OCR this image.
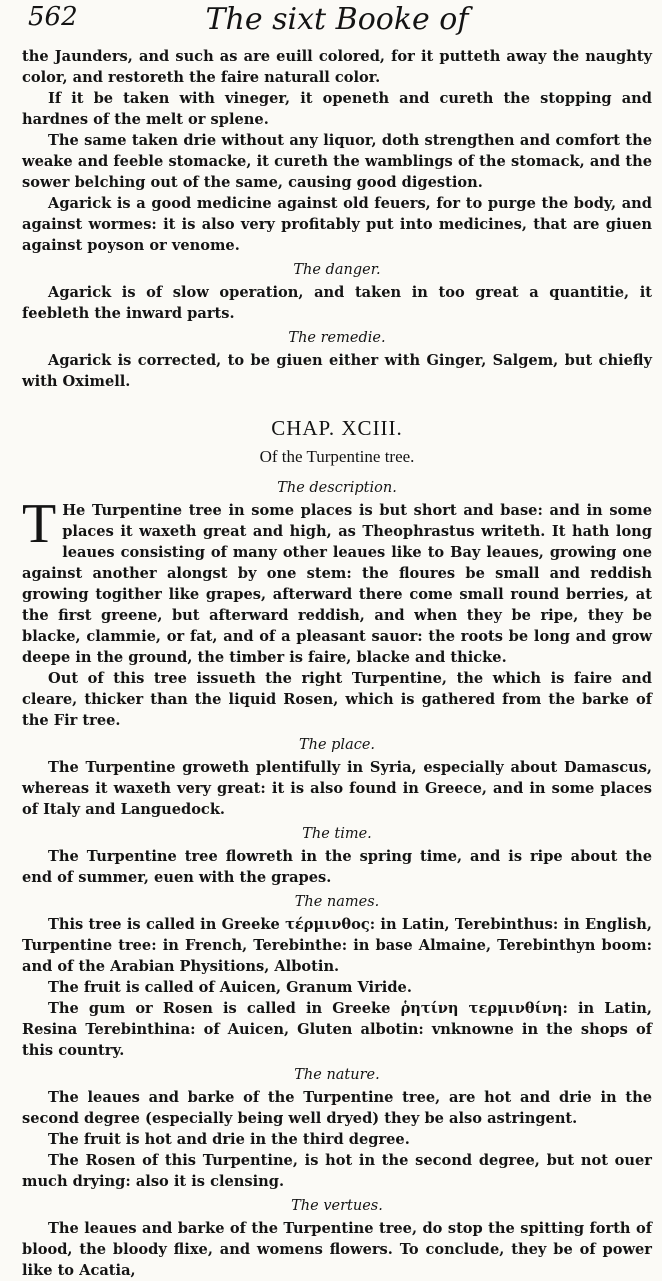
562	The sixt Booke of

the Jaunders, and such as are euill colored, for it putteth away the naughty color, and restoreth the faire naturall color.

If it be taken with vineger, it openeth and cureth the stopping and hardnes of the melt or splene.

The same taken drie without any liquor, doth strengthen and comfort the weake and feeble stomacke, it cureth the wamblings of the stomack, and the sower belching out of the same, causing good digestion.

Agarick is a good medicine against old feuers, for to purge the body, and against wormes: it is also very profitably put into medicines, that are giuen against poyson or venome.

The danger.

Agarick is of slow operation, and taken in too great a quantitie, it feebleth the inward parts.

The remedie.

Agarick is corrected, to be giuen either with Ginger, Salgem, but chiefly with Oximell.

CHAP. XCIII.
Of the Turpentine tree.
The description.

T He Turpentine tree in some places is but short and base: and in some places it waxeth great and high, as Theophrastus writeth. It hath long leaues consisting of many other leaues like to Bay leaues, growing one against another alongst by one stem: the floures be small and reddish growing togither like grapes, afterward there come small round berries, at the first greene, but afterward reddish, and when they be ripe, they be blacke, clammie, or fat, and of a pleasant sauor: the roots be long and grow deepe in the ground, the timber is faire, blacke and thicke.

Out of this tree issueth the right Turpentine, the which is faire and cleare, thicker than the liquid Rosen, which is gathered from the barke of the Fir tree.

The place.

The Turpentine groweth plentifully in Syria, especially about Damascus, whereas it waxeth very great: it is also found in Greece, and in some places of Italy and Languedock.

The time.

The Turpentine tree flowreth in the spring time, and is ripe about the end of summer, euen with the grapes.

The names.

This tree is called in Greeke τέρμινθος: in Latin, Terebinthus: in English, Turpentine tree: in French, Terebinthe: in base Almaine, Terebinthyn boom: and of the Arabian Physitions, Albotin.

The fruit is called of Auicen, Granum Viride.

The gum or Rosen is called in Greeke ῥητίνη τερμινθίνη: in Latin, Resina Terebinthina: of Auicen, Gluten albotin: vnknowne in the shops of this country.

The nature.

The leaues and barke of the Turpentine tree, are hot and drie in the second degree (especially being well dryed) they be also astringent.

The fruit is hot and drie in the third degree.

The Rosen of this Turpentine, is hot in the second degree, but not ouer much drying: also it is clensing.

The vertues.

The leaues and barke of the Turpentine tree, do stop the spitting forth of blood, the bloody flixe, and womens flowers. To conclude, they be of power like to Acatia,
